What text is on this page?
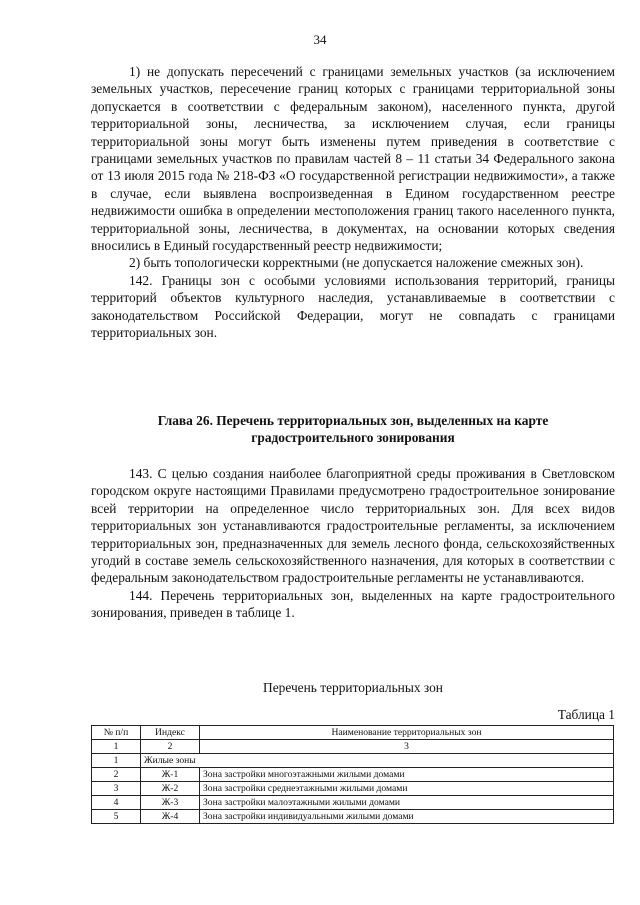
34

1) не допускать пересечений с границами земельных участков (за исключением земельных участков, пересечение границ которых с границами территориальной зоны допускается в соответствии с федеральным законом), населенного пункта, другой территориальной зоны, лесничества, за исключением случая, если границы территориальной зоны могут быть изменены путем приведения в соответствие с границами земельных участков по правилам частей 8 – 11 статьи 34 Федерального закона от 13 июля 2015 года № 218-ФЗ «О государственной регистрации недвижимости», а также в случае, если выявлена воспроизведенная в Едином государственном реестре недвижимости ошибка в определении местоположения границ такого населенного пункта, территориальной зоны, лесничества, в документах, на основании которых сведения вносились в Единый государственный реестр недвижимости;

2) быть топологически корректными (не допускается наложение смежных зон).

142. Границы зон с особыми условиями использования территорий, границы территорий объектов культурного наследия, устанавливаемые в соответствии с законодательством Российской Федерации, могут не совпадать с границами территориальных зон.

Глава 26. Перечень территориальных зон, выделенных на карте
градостроительного зонирования

143. С целью создания наиболее благоприятной среды проживания в Светловском городском округе настоящими Правилами предусмотрено градостроительное зонирование всей территории на определенное число территориальных зон. Для всех видов территориальных зон устанавливаются градостроительные регламенты, за исключением территориальных зон, предназначенных для земель лесного фонда, сельскохозяйственных угодий в составе земель сельскохозяйственного назначения, для которых в соответствии с федеральным законодательством градостроительные регламенты не устанавливаются.

144. Перечень территориальных зон, выделенных на карте градостроительного зонирования, приведен в таблице 1.

Перечень территориальных зон
Таблица 1
№ п/п	Индекс	Наименование территориальных зон
1	2	3
1	Жилые зоны	
2	Ж-1	Зона застройки многоэтажными жилыми домами
3	Ж-2	Зона застройки среднеэтажными жилыми домами
4	Ж-3	Зона застройки малоэтажными жилыми домами
5	Ж-4	Зона застройки индивидуальными жилыми домами
